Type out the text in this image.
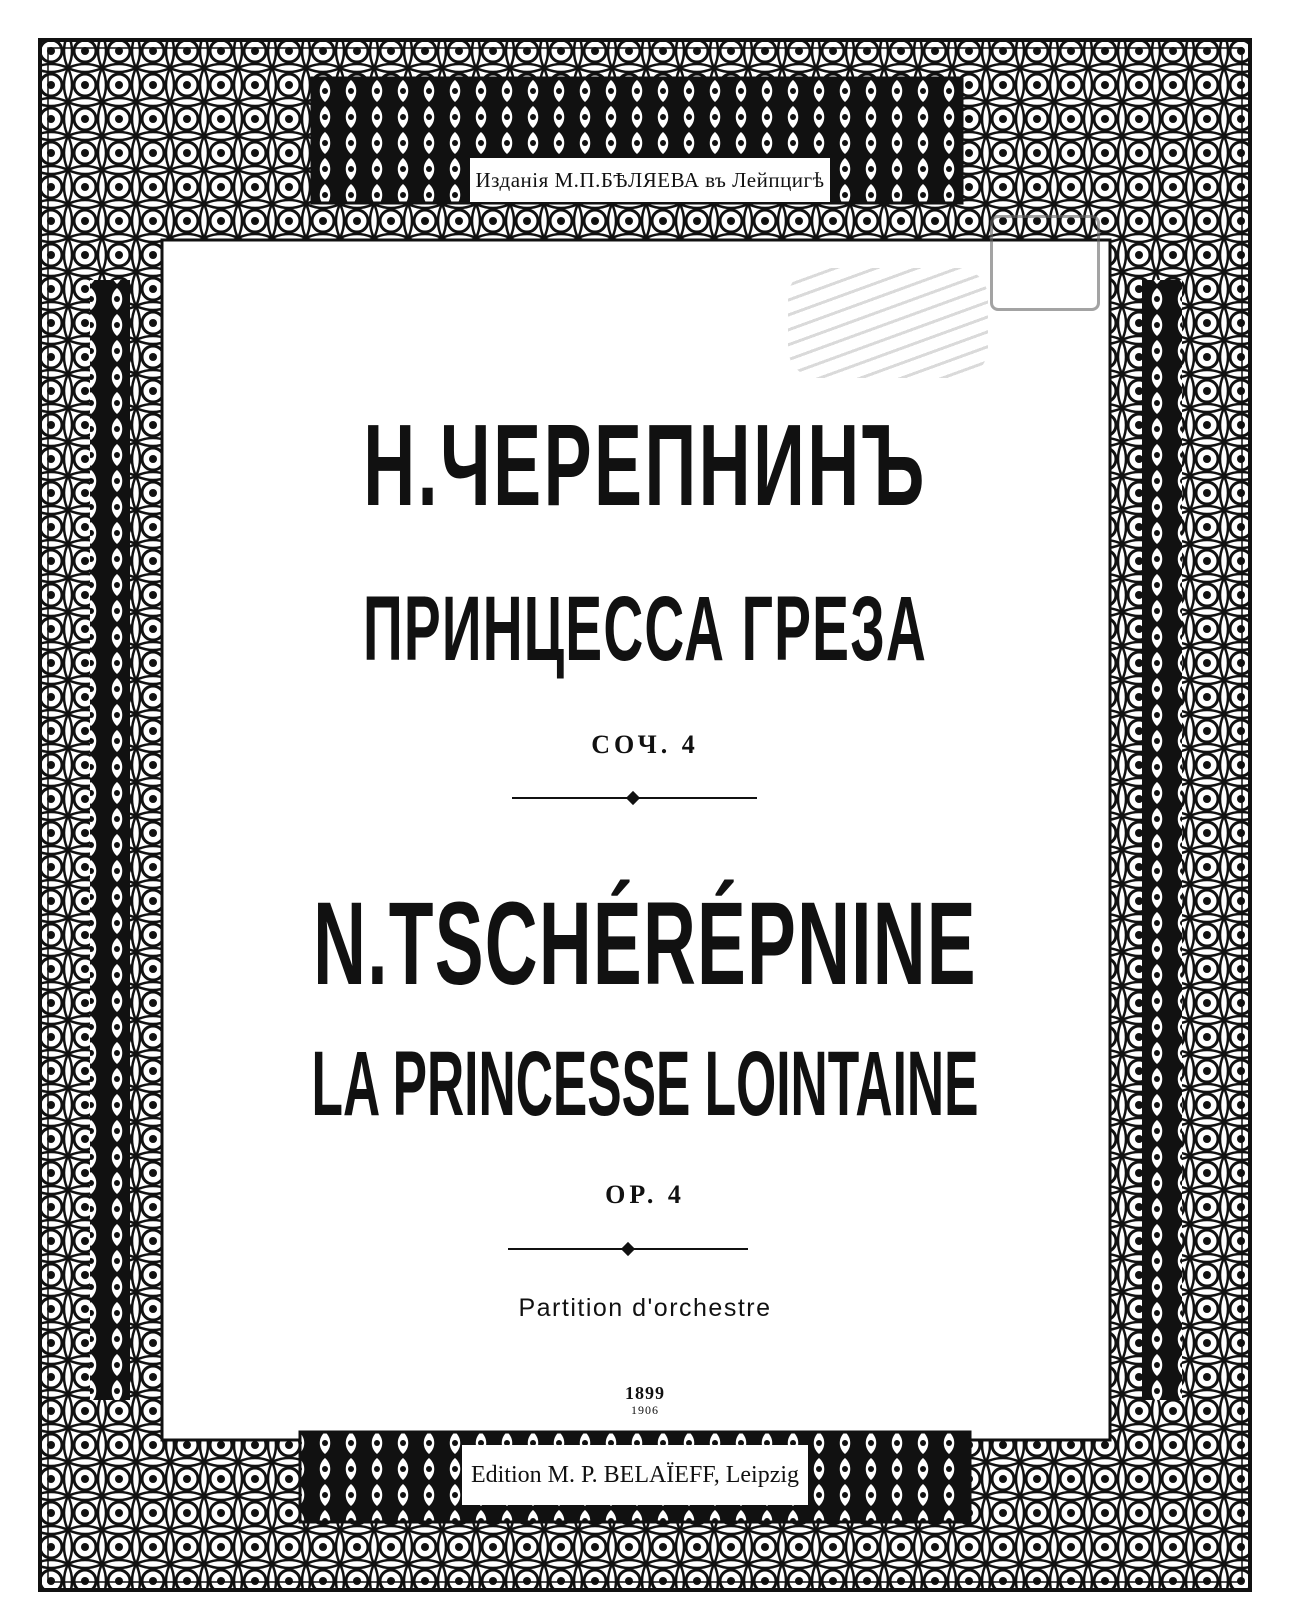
Изданія М.П.БѢЛЯЕВА въ Лейпцигѣ
Н.ЧЕРЕПНИНЪ
ПРИНЦЕССА ГРЕЗА
СОЧ. 4
N.TSCHÉRÉPNINE
LA PRINCESSE LOINTAINE
OP. 4
Partition d'orchestre
1899
1906
Edition M. P. BELAÏEFF, Leipzig
